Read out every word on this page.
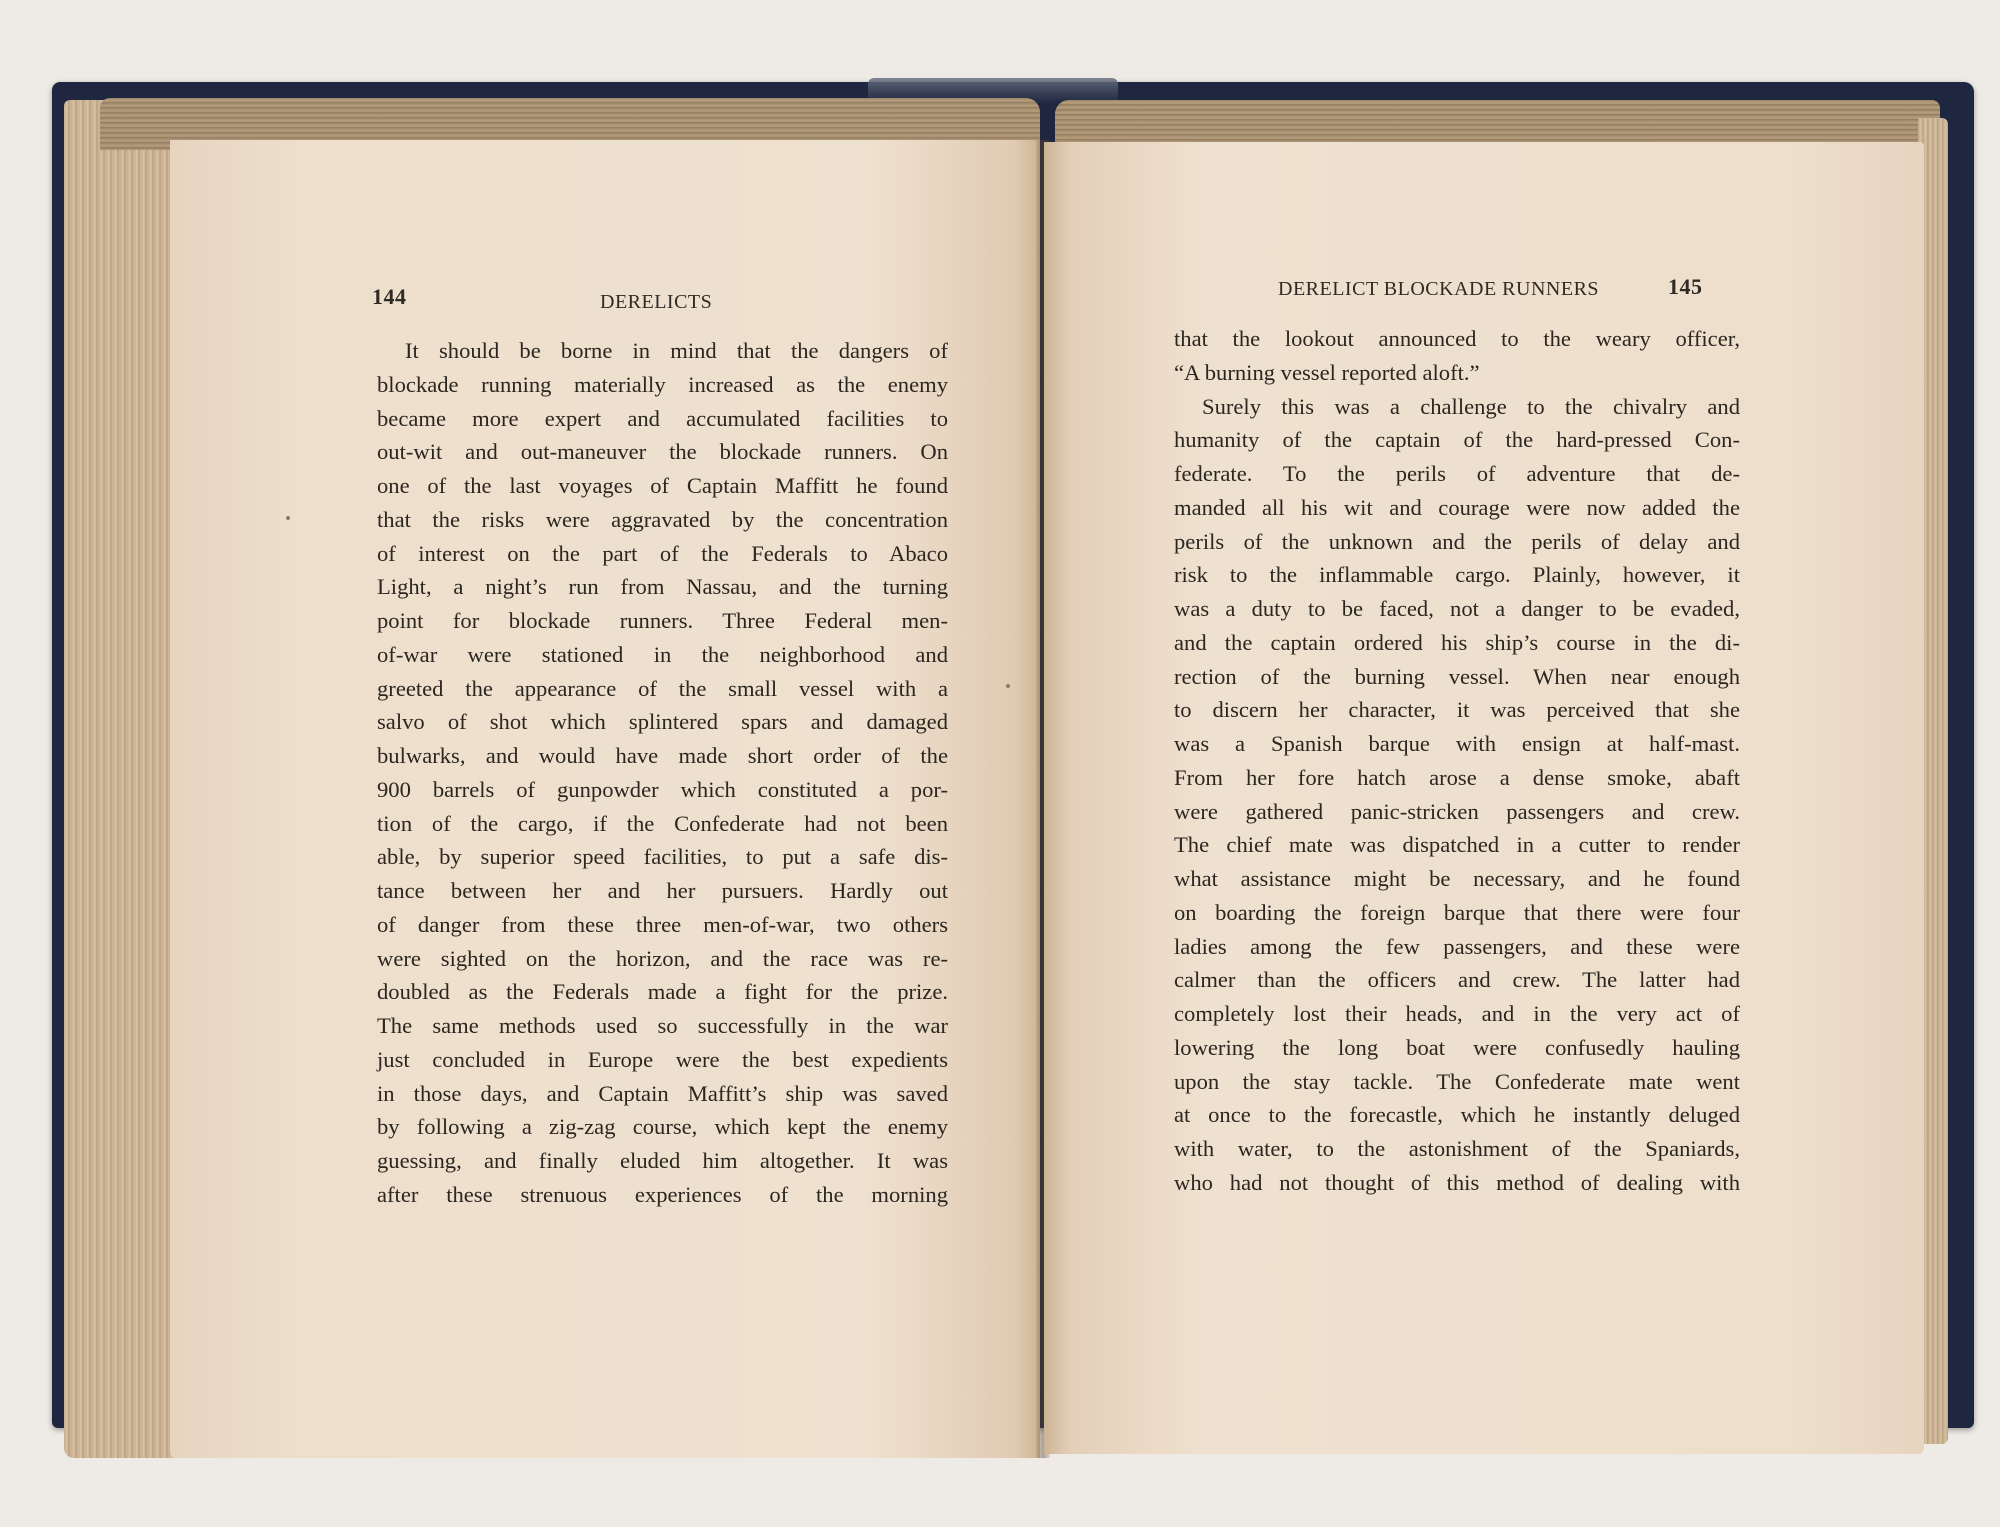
144	DERELICTS
It should be borne in mind that the dangers of
blockade running materially increased as the enemy
became more expert and accumulated facilities to
out-wit and out-maneuver the blockade runners. On
one of the last voyages of Captain Maffitt he found
that the risks were aggravated by the concentration
of interest on the part of the Federals to Abaco
Light, a night’s run from Nassau, and the turning
point for blockade runners. Three Federal men-
of-war were stationed in the neighborhood and
greeted the appearance of the small vessel with a
salvo of shot which splintered spars and damaged
bulwarks, and would have made short order of the
900 barrels of gunpowder which constituted a por-
tion of the cargo, if the Confederate had not been
able, by superior speed facilities, to put a safe dis-
tance between her and her pursuers. Hardly out
of danger from these three men-of-war, two others
were sighted on the horizon, and the race was re-
doubled as the Federals made a fight for the prize.
The same methods used so successfully in the war
just concluded in Europe were the best expedients
in those days, and Captain Maffitt’s ship was saved
by following a zig-zag course, which kept the enemy
guessing, and finally eluded him altogether. It was
after these strenuous experiences of the morning
DERELICT BLOCKADE RUNNERS	145
that the lookout announced to the weary officer,
“A burning vessel reported aloft.”
Surely this was a challenge to the chivalry and
humanity of the captain of the hard-pressed Con-
federate. To the perils of adventure that de-
manded all his wit and courage were now added the
perils of the unknown and the perils of delay and
risk to the inflammable cargo. Plainly, however, it
was a duty to be faced, not a danger to be evaded,
and the captain ordered his ship’s course in the di-
rection of the burning vessel. When near enough
to discern her character, it was perceived that she
was a Spanish barque with ensign at half-mast.
From her fore hatch arose a dense smoke, abaft
were gathered panic-stricken passengers and crew.
The chief mate was dispatched in a cutter to render
what assistance might be necessary, and he found
on boarding the foreign barque that there were four
ladies among the few passengers, and these were
calmer than the officers and crew. The latter had
completely lost their heads, and in the very act of
lowering the long boat were confusedly hauling
upon the stay tackle. The Confederate mate went
at once to the forecastle, which he instantly deluged
with water, to the astonishment of the Spaniards,
who had not thought of this method of dealing with
